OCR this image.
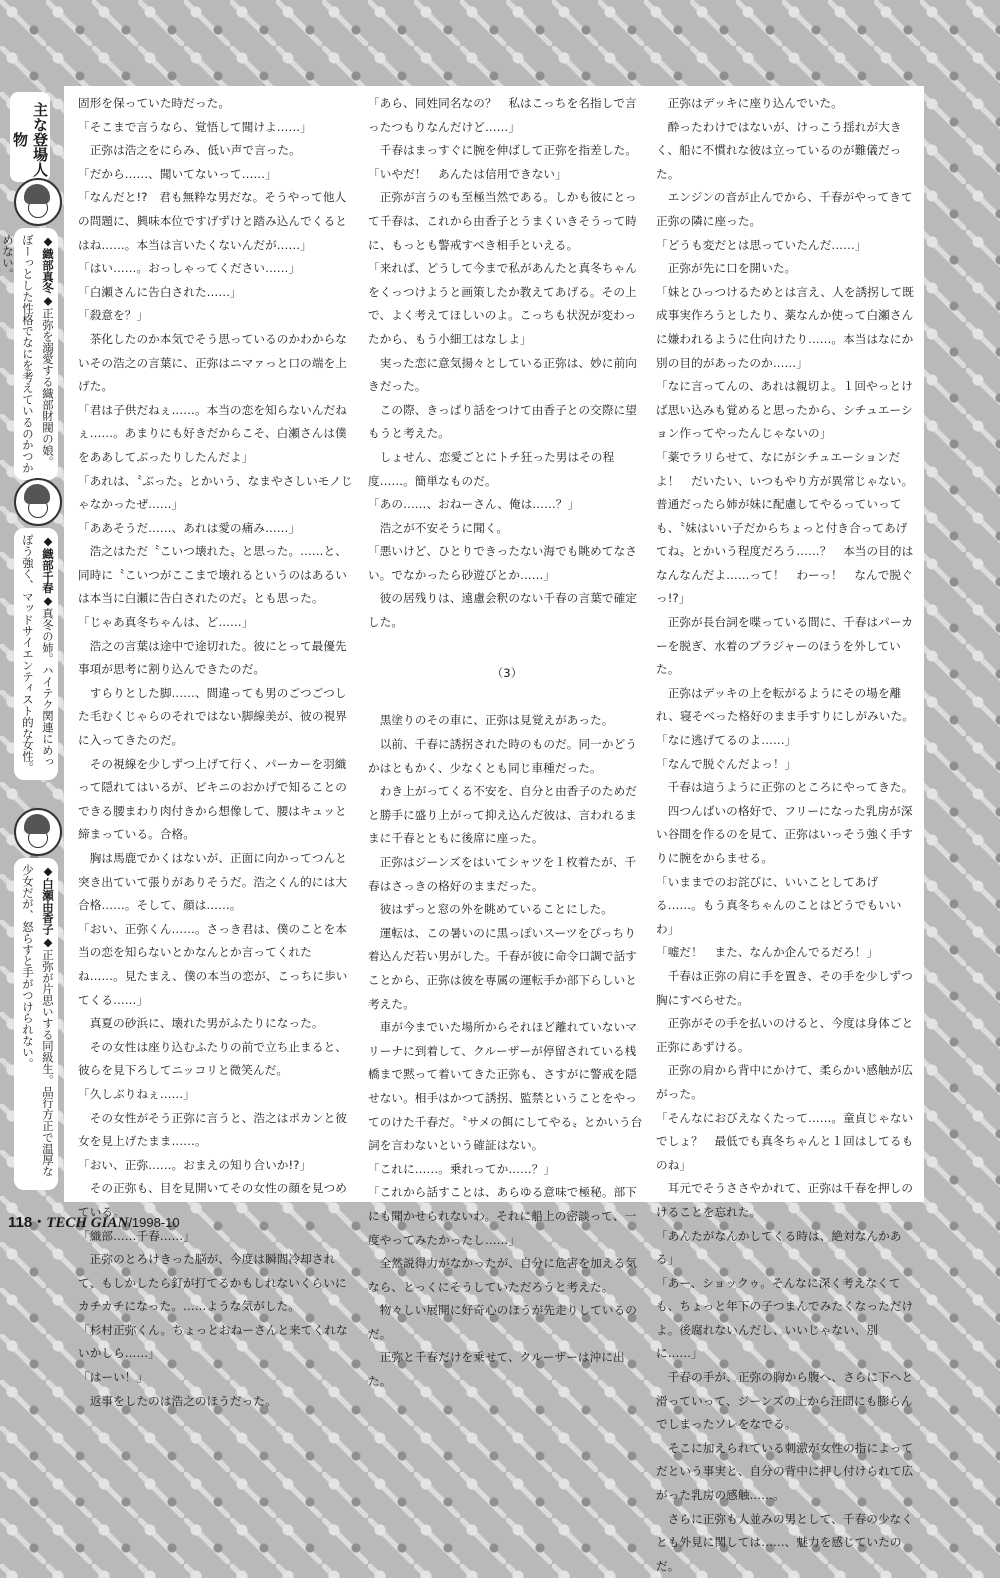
主な登場人物
◆織部真冬◆正弥を溺愛する織部財閥の娘。ぼーっとした性格でなにを考えているのかつかめない。
◆織部千春◆真冬の姉。ハイテク関連にめっぽう強く、マッドサイエンティスト的な女性。
◆白瀬由香子◆正弥が片思いする同級生。品行方正で温厚な少女だが、怒らすと手がつけられない。

固形を保っていた時だった。

「そこまで言うなら、覚悟して聞けよ……」

　正弥は浩之をにらみ、低い声で言った。

「だから……、聞いてないって……」

「なんだと!?　君も無粋な男だな。そうやって他人の問題に、興味本位ですげずけと踏み込んでくるとはね……。本当は言いたくないんだが……」

「はい……。おっしゃってください……」

「白瀬さんに告白された……」

「殺意を？」

　茶化したのか本気でそう思っているのかわからないその浩之の言葉に、正弥はニマァっと口の端を上げた。

「君は子供だねぇ……。本当の恋を知らないんだねぇ……。あまりにも好きだからこそ、白瀬さんは僕をああしてぶったりしたんだよ」

「あれは、〝ぶった〟とかいう、なまやさしいモノじゃなかったぜ……」

「ああそうだ……、あれは愛の痛み……」

　浩之はただ〝こいつ壊れた〟と思った。……と、同時に〝こいつがここまで壊れるというのはあるいは本当に白瀬に告白されたのだ〟とも思った。

「じゃあ真冬ちゃんは、ど……」

　浩之の言葉は途中で途切れた。彼にとって最優先事項が思考に割り込んできたのだ。

　すらりとした脚……、間違っても男のごつごつした毛むくじゃらのそれではない脚線美が、彼の視界に入ってきたのだ。

　その視線を少しずつ上げて行く、パーカーを羽織って隠れてはいるが、ビキニのおかげで知ることのできる腰まわり肉付きから想像して、腰はキュッと締まっている。合格。

　胸は馬鹿でかくはないが、正面に向かってつんと突き出ていて張りがありそうだ。浩之くん的には大合格……。そして、顔は……。

「おい、正弥くん……。さっき君は、僕のことを本当の恋を知らないとかなんとか言ってくれたね……。見たまえ、僕の本当の恋が、こっちに歩いてくる……」

　真夏の砂浜に、壊れた男がふたりになった。

　その女性は座り込むふたりの前で立ち止まると、彼らを見下ろしてニッコリと微笑んだ。

「久しぶりねぇ……」

　その女性がそう正弥に言うと、浩之はポカンと彼女を見上げたまま……。

「おい、正弥……。おまえの知り合いか!?」

　その正弥も、目を見開いてその女性の顔を見つめている。

「織部……千春……」

　正弥のとろけきった脳が、今度は瞬間冷却されて、もしかしたら釘が打てるかもしれないくらいにカチカチになった。……ような気がした。

「杉村正弥くん。ちょっとおねーさんと来てくれないかしら……」

「はーい！」

　返事をしたのは浩之のほうだった。

「あら、同姓同名なの？　私はこっちを名指しで言ったつもりなんだけど……」

　千春はまっすぐに腕を伸ばして正弥を指差した。

「いやだ！　あんたは信用できない」

　正弥が言うのも至極当然である。しかも彼にとって千春は、これから由香子とうまくいきそうって時に、もっとも警戒すべき相手といえる。

「来れば、どうして今まで私があんたと真冬ちゃんをくっつけようと画策したか教えてあげる。その上で、よく考えてほしいのよ。こっちも状況が変わったから、もう小細工はなしよ」

　実った恋に意気揚々としている正弥は、妙に前向きだった。

　この際、きっぱり話をつけて由香子との交際に望もうと考えた。

　しょせん、恋愛ごとにトチ狂った男はその程度……。簡単なものだ。

「あの……、おねーさん、俺は……？」

　浩之が不安そうに聞く。

「悪いけど、ひとりできったない海でも眺めてなさい。でなかったら砂遊びとか……」

　彼の居残りは、遠慮会釈のない千春の言葉で確定した。

（3）

　黒塗りのその車に、正弥は見覚えがあった。

　以前、千春に誘拐された時のものだ。同一かどうかはともかく、少なくとも同じ車種だった。

　わき上がってくる不安を、自分と由香子のためだと勝手に盛り上がって抑え込んだ彼は、言われるままに千春とともに後席に座った。

　正弥はジーンズをはいてシャツを１枚着たが、千春はさっきの格好のままだった。

　彼はずっと窓の外を眺めていることにした。

　運転は、この暑いのに黒っぽいスーツをぴっちり着込んだ若い男がした。千春が彼に命令口調で話すことから、正弥は彼を専属の運転手か部下らしいと考えた。

　車が今までいた場所からそれほど離れていないマリーナに到着して、クルーザーが停留されている桟橋まで黙って着いてきた正弥も、さすがに警戒を隠せない。相手はかつて誘拐、監禁ということをやってのけた千春だ。〝サメの餌にしてやる〟とかいう台詞を言わないという確証はない。

「これに……。乗れってか……？」

「これから話すことは、あらゆる意味で極秘。部下にも聞かせられないわ。それに船上の密談って、一度やってみたかったし……」

　全然説得力がなかったが、自分に危害を加える気なら、とっくにそうしていただろうと考えた。

　物々しい展開に好奇心のほうが先走りしているのだ。

　正弥と千春だけを乗せて、クルーザーは沖に出た。

　正弥はデッキに座り込んでいた。

　酔ったわけではないが、けっこう揺れが大きく、船に不慣れな彼は立っているのが難儀だった。

　エンジンの音が止んでから、千春がやってきて正弥の隣に座った。

「どうも変だとは思っていたんだ……」

　正弥が先に口を開いた。

「妹とひっつけるためとは言え、人を誘拐して既成事実作ろうとしたり、薬なんか使って白瀬さんに嫌われるように仕向けたり……。本当はなにか別の目的があったのか……」

「なに言ってんの、あれは親切よ。１回やっとけば思い込みも覚めると思ったから、シチュエーション作ってやったんじゃないの」

「薬でラリらせて、なにがシチュエーションだよ！　だいたい、いつもやり方が異常じゃない。普通だったら姉が妹に配慮してやるっていっても、〝妹はいい子だからちょっと付き合ってあげてね〟とかいう程度だろう……？　本当の目的はなんなんだよ……って！　わーっ！　なんで脱ぐっ!?」

　正弥が長台詞を喋っている間に、千春はパーカーを脱ぎ、水着のブラジャーのほうを外していた。

　正弥はデッキの上を転がるようにその場を離れ、寝そべった格好のまま手すりにしがみいた。

「なに逃げてるのよ……」

「なんで脱ぐんだよっ！」

　千春は這うように正弥のところにやってきた。

　四つんばいの格好で、フリーになった乳房が深い谷間を作るのを見て、正弥はいっそう強く手すりに腕をからませる。

「いままでのお詫びに、いいことしてあげる……。もう真冬ちゃんのことはどうでもいいわ」

「嘘だ！　また、なんか企んでるだろ！」

　千春は正弥の肩に手を置き、その手を少しずつ胸にすべらせた。

　正弥がその手を払いのけると、今度は身体ごと正弥にあずける。

　正弥の肩から背中にかけて、柔らかい感触が広がった。

「そんなにおびえなくたって……。童貞じゃないでしょ？　最低でも真冬ちゃんと１回はしてるものね」

　耳元でそうささやかれて、正弥は千春を押しのけることを忘れた。

「あんたがなんかしてくる時は、絶対なんかある」

「あー、ショックゥ。そんなに深く考えなくても、ちょっと年下の子つまんでみたくなっただけよ。後腐れないんだし、いいじゃない、別に……」

　千春の手が、正弥の胸から腹へ、さらに下へと滑っていって、ジーンズの上から汪間にも膨らんでしまったソレをなでる。

　そこに加えられている刺激が女性の指によってだという事実と、自分の背中に押し付けられて広がった乳房の感触……。

　さらに正弥も人並みの男として、千春の少なくとも外見に関しては……、魅力を感じていたのだ。

118・TECH GIAN/1998-10
